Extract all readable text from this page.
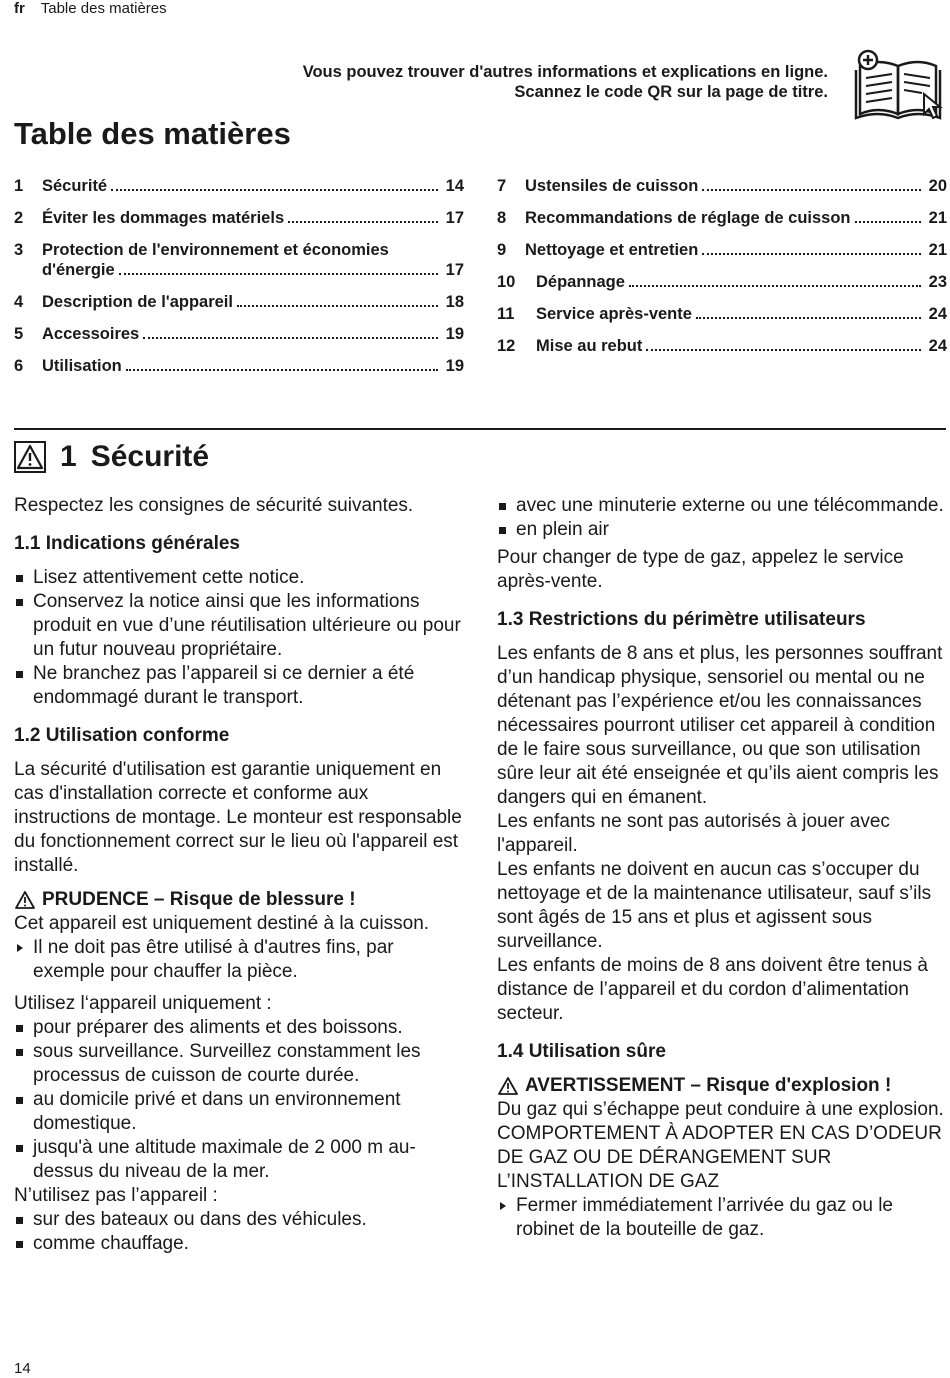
fr Table des matières
Vous pouvez trouver d'autres informations et explications en ligne. Scannez le code QR sur la page de titre.
Table des matières
1	Sécurité	14
2	Éviter les dommages matériels	17
3	Protection de l'environnement et économies
d'énergie	17
4	Description de l'appareil	18
5	Accessoires	19
6	Utilisation	19
7	Ustensiles de cuisson	20
8	Recommandations de réglage de cuisson	21
9	Nettoyage et entretien	21
10	Dépannage	23
11	Service après-vente	24
12	Mise au rebut	24
1 Sécurité

Respectez les consignes de sécurité suivantes.

1.1 Indications générales
Lisez attentivement cette notice.
Conservez la notice ainsi que les informations produit en vue d’une réutilisation ultérieure ou pour un futur nouveau propriétaire.
Ne branchez pas l’appareil si ce dernier a été endommagé durant le transport.
1.2 Utilisation conforme

La sécurité d'utilisation est garantie uniquement en cas d'installation correcte et conforme aux instructions de montage. Le monteur est responsable du fonctionnement correct sur le lieu où l'appareil est installé.

PRUDENCE – Risque de blessure !

Cet appareil est uniquement destiné à la cuisson.

Il ne doit pas être utilisé à d'autres fins, par exemple pour chauffer la pièce.

Utilisez l‘appareil uniquement :

pour préparer des aliments et des boissons.
sous surveillance. Surveillez constamment les processus de cuisson de courte durée.
au domicile privé et dans un environnement domestique.
jusqu'à une altitude maximale de 2 000 m au-dessus du niveau de la mer.

N’utilisez pas l’appareil :

sur des bateaux ou dans des véhicules.
comme chauffage.
avec une minuterie externe ou une télécommande.
en plein air

Pour changer de type de gaz, appelez le service après-vente.

1.3 Restrictions du périmètre utilisateurs

Les enfants de 8 ans et plus, les personnes souffrant d’un handicap physique, sensoriel ou mental ou ne détenant pas l’expérience et/ou les connaissances nécessaires pourront utiliser cet appareil à condition de le faire sous surveillance, ou que son utilisation sûre leur ait été enseignée et qu’ils aient compris les dangers qui en émanent.

Les enfants ne sont pas autorisés à jouer avec l'appareil.

Les enfants ne doivent en aucun cas s’occuper du nettoyage et de la maintenance utilisateur, sauf s’ils sont âgés de 15 ans et plus et agissent sous surveillance.

Les enfants de moins de 8 ans doivent être tenus à distance de l’appareil et du cordon d’alimentation secteur.

1.4 Utilisation sûre
AVERTISSEMENT – Risque d'explosion !

Du gaz qui s’échappe peut conduire à une explosion.

COMPORTEMENT À ADOPTER EN CAS D’ODEUR DE GAZ OU DE DÉRANGEMENT SUR L’INSTALLATION DE GAZ

Fermer immédiatement l’arrivée du gaz ou le robinet de la bouteille de gaz.
14
